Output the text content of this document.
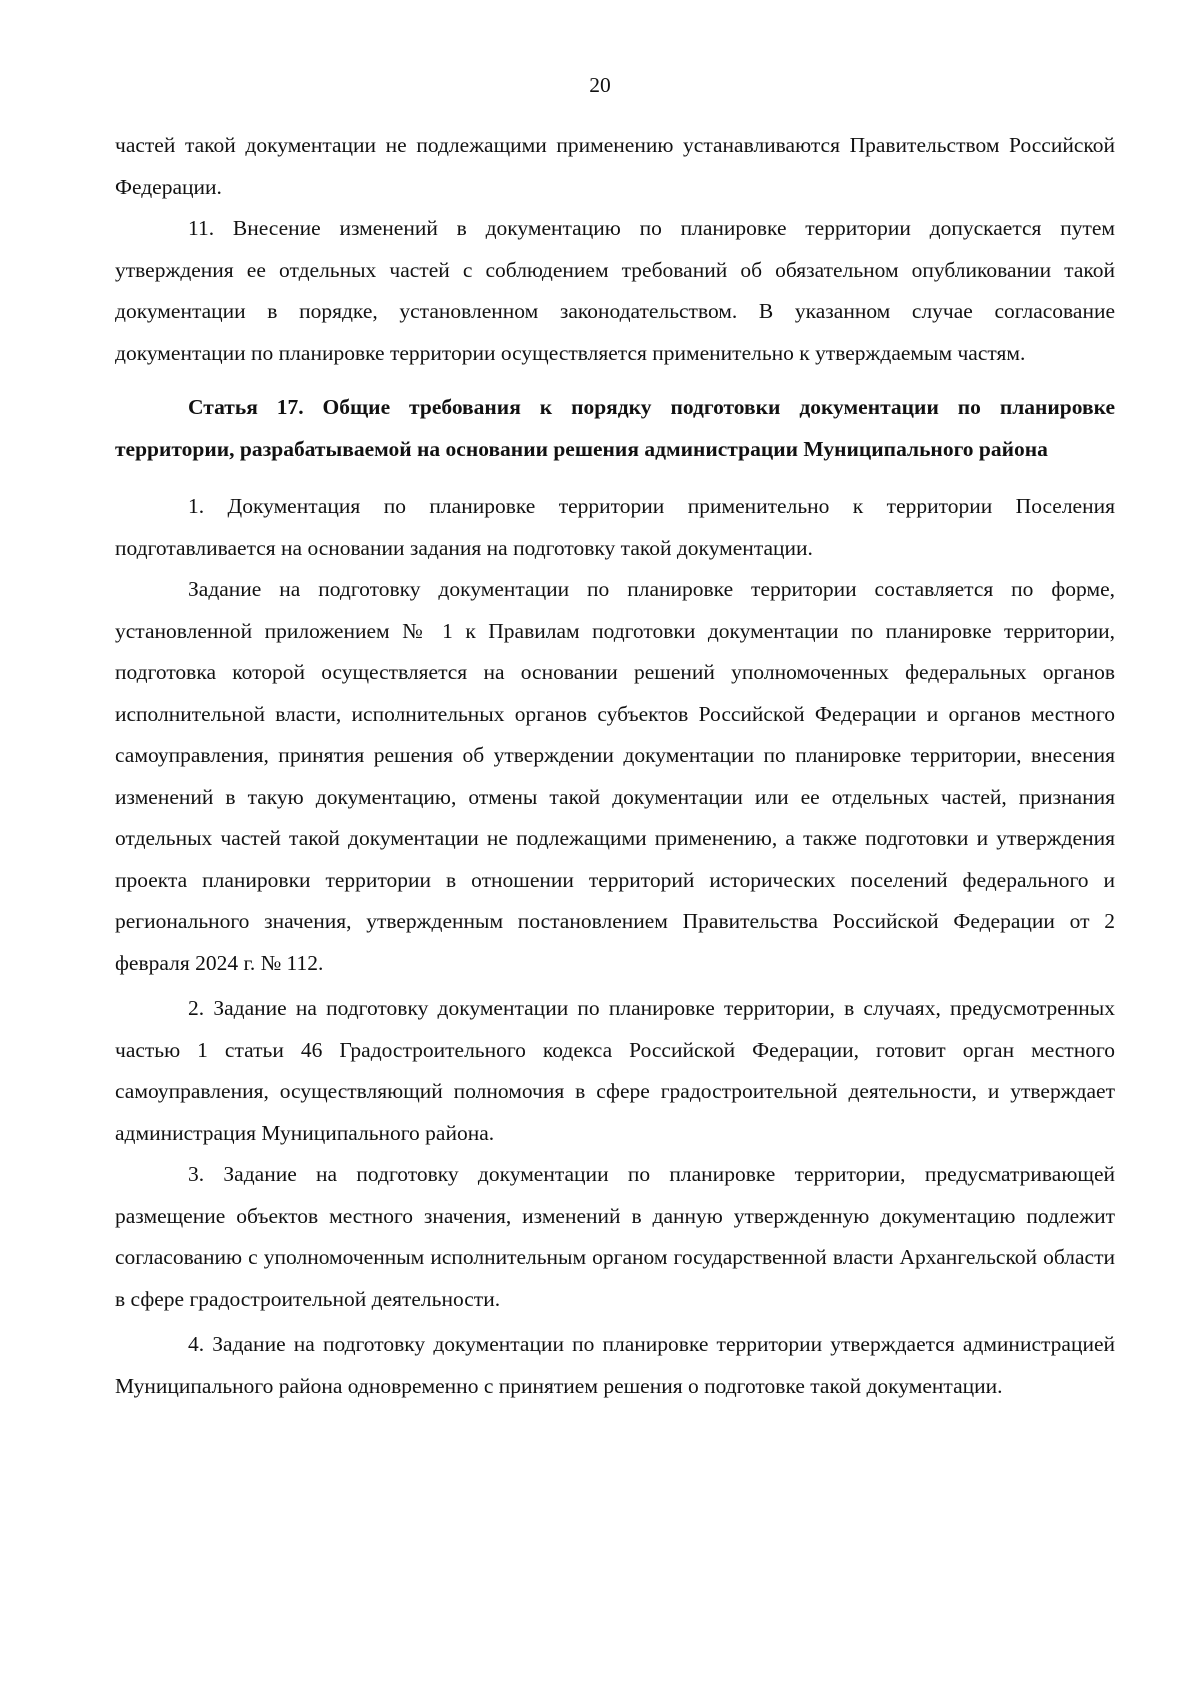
20

частей такой документации не подлежащими применению устанавливаются Правительством Российской Федерации.

11. Внесение изменений в документацию по планировке территории допускается путем утверждения ее отдельных частей с соблюдением требований об обязательном опубликовании такой документации в порядке, установленном законодательством. В указанном случае согласование документации по планировке территории осуществляется применительно к утверждаемым частям.

Статья 17. Общие требования к порядку подготовки документации по планировке территории, разрабатываемой на основании решения администрации Муниципального района

1. Документация по планировке территории применительно к территории Поселения подготавливается на основании задания на подготовку такой документации.

Задание на подготовку документации по планировке территории составляется по форме, установленной приложением № 1 к Правилам подготовки документации по планировке территории, подготовка которой осуществляется на основании решений уполномоченных федеральных органов исполнительной власти, исполнительных органов субъектов Российской Федерации и органов местного самоуправления, принятия решения об утверждении документации по планировке территории, внесения изменений в такую документацию, отмены такой документации или ее отдельных частей, признания отдельных частей такой документации не подлежащими применению, а также подготовки и утверждения проекта планировки территории в отношении территорий исторических поселений федерального и регионального значения, утвержденным постановлением Правительства Российской Федерации от 2 февраля 2024 г. № 112.

2. Задание на подготовку документации по планировке территории, в случаях, предусмотренных частью 1 статьи 46 Градостроительного кодекса Российской Федерации, готовит орган местного самоуправления, осуществляющий полномочия в сфере градостроительной деятельности, и утверждает администрация Муниципального района.

3. Задание на подготовку документации по планировке территории, предусматривающей размещение объектов местного значения, изменений в данную утвержденную документацию подлежит согласованию с уполномоченным исполнительным органом государственной власти Архангельской области в сфере градостроительной деятельности.

4. Задание на подготовку документации по планировке территории утверждается администрацией Муниципального района одновременно с принятием решения о подготовке такой документации.
